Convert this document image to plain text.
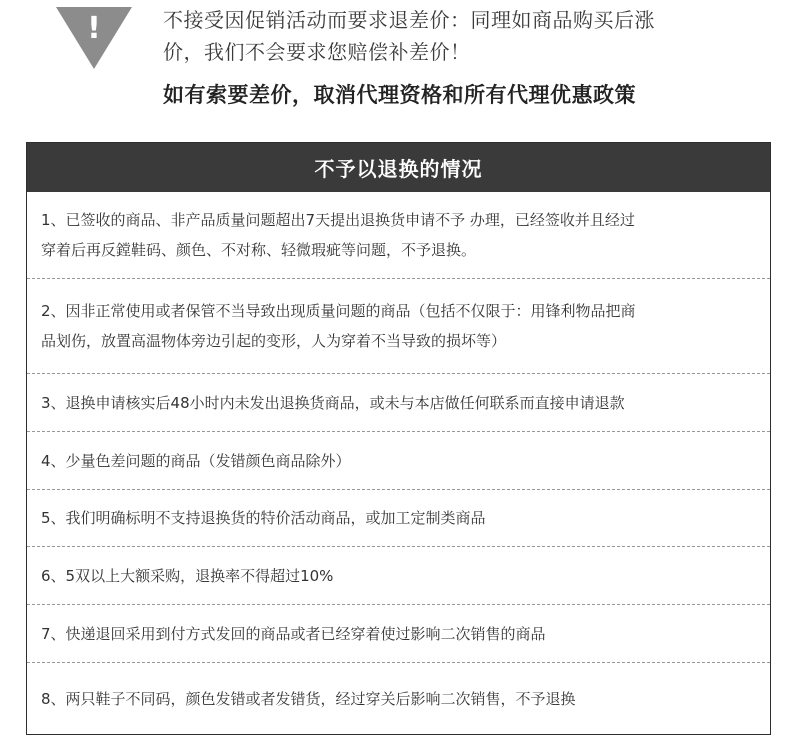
!	不接受因促销活动而要求退差价：同理如商品购买后涨
价，我们不会要求您赔偿补差价！
如有索要差价，取消代理资格和所有代理优惠政策
不予以退换的情况
1、已签收的商品、非产品质量问题超出7天提出退换货申请不予 办理，已经签收并且经过
穿着后再反鏜鞋码、颜色、不对称、轻微瑕疵等问题，不予退换。
2、因非正常使用或者保管不当导致出现质量问题的商品（包括不仅限于：用锋利物品把商
品划伤，放置高温物体旁边引起的变形，人为穿着不当导致的损坏等）
3、退换申请核实后48小时内未发出退换货商品，或未与本店做任何联系而直接申请退款
4、少量色差问题的商品（发错颜色商品除外）
5、我们明确标明不支持退换货的特价活动商品，或加工定制类商品
6、5双以上大额采购，退换率不得超过10%
7、快递退回采用到付方式发回的商品或者已经穿着使过影响二次销售的商品
8、两只鞋子不同码，颜色发错或者发错货，经过穿关后影响二次销售，不予退换
